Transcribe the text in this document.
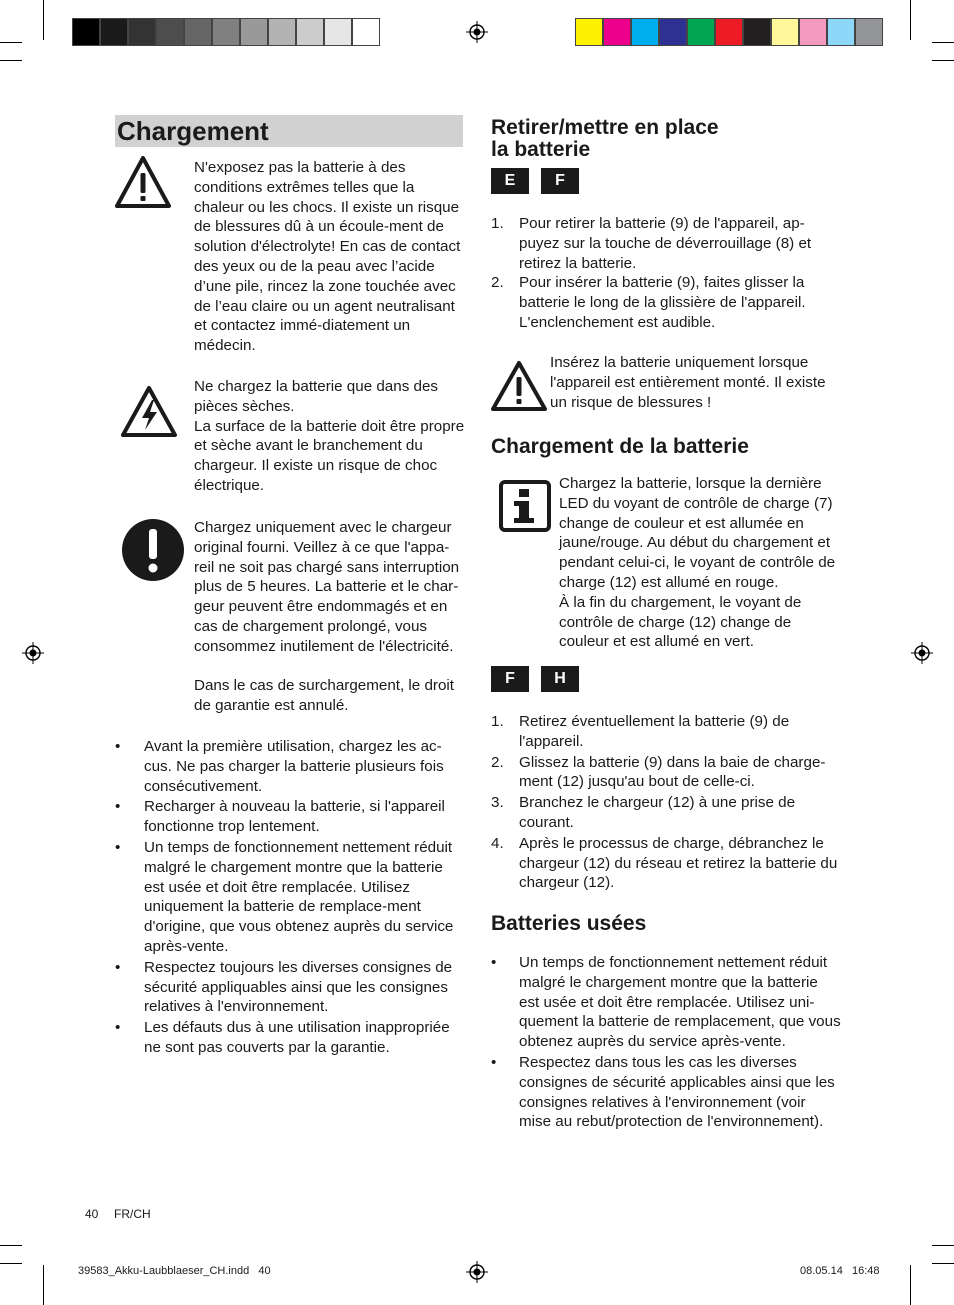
Chargement
N'exposez pas la batterie à des conditions extrêmes telles que la chaleur ou les chocs. Il existe un risque de blessures dû à un écoule-ment de solution d'électrolyte! En cas de contact des yeux ou de la peau avec l’acide d’une pile, rincez la zone touchée avec de l’eau claire ou un agent neutralisant et contactez immé-diatement un médecin.
Ne chargez la batterie que dans des pièces sèches.
La surface de la batterie doit être propre et sèche avant le branchement du chargeur. Il existe un risque de choc électrique.
Chargez uniquement avec le chargeur original fourni. Veillez à ce que l'appa-reil ne soit pas chargé sans interruption plus de 5 heures. La batterie et le char-geur peuvent être endommagés et en cas de chargement prolongé, vous consommez inutilement de l'électricité.
Dans le cas de surchargement, le droit de garantie est annulé.
• Avant la première utilisation, chargez les ac-cus. Ne pas charger la batterie plusieurs fois consécutivement.
• Recharger à nouveau la batterie, si l'appareil fonctionne trop lentement.
• Un temps de fonctionnement nettement réduit malgré le chargement montre que la batterie est usée et doit être remplacée. Utilisez uniquement la batterie de remplace-ment d'origine, que vous obtenez auprès du service après-vente.
• Respectez toujours les diverses consignes de sécurité appliquables ainsi que les consignes relatives à l'environnement.
• Les défauts dus à une utilisation inappropriée ne sont pas couverts par la garantie.
Retirer/mettre en place
la batterie
E	F
1. Pour retirer la batterie (9) de l'appareil, ap-puyez sur la touche de déverrouillage (8) et retirez la batterie.
2. Pour insérer la batterie (9), faites glisser la batterie le long de la glissière de l'appareil. L'enclenchement est audible.
Insérez la batterie uniquement lorsque l'appareil est entièrement monté. Il existe un risque de blessures !
Chargement de la batterie
Chargez la batterie, lorsque la dernière LED du voyant de contrôle de charge (7) change de couleur et est allumée en jaune/rouge. Au début du chargement et pendant celui-ci, le voyant de contrôle de charge (12) est allumé en rouge.
À la fin du chargement, le voyant de contrôle de charge (12) change de couleur et est allumé en vert.
F	H
1. Retirez éventuellement la batterie (9) de l'appareil.
2. Glissez la batterie (9) dans la baie de charge-ment (12) jusqu'au bout de celle-ci.
3. Branchez le chargeur (12) à une prise de courant.
4. Après le processus de charge, débranchez le chargeur (12) du réseau et retirez la batterie du chargeur (12).
Batteries usées
• Un temps de fonctionnement nettement réduit malgré le chargement montre que la batterie est usée et doit être remplacée. Utilisez uni-quement la batterie de remplacement, que vous obtenez auprès du service après-vente.
• Respectez dans tous les cas les diverses consignes de sécurité applicables ainsi que les consignes relatives à l'environnement (voir mise au rebut/protection de l'environnement).
40 FR/CH
39583_Akku-Laubblaeser_CH.indd   40	08.05.14   16:48
